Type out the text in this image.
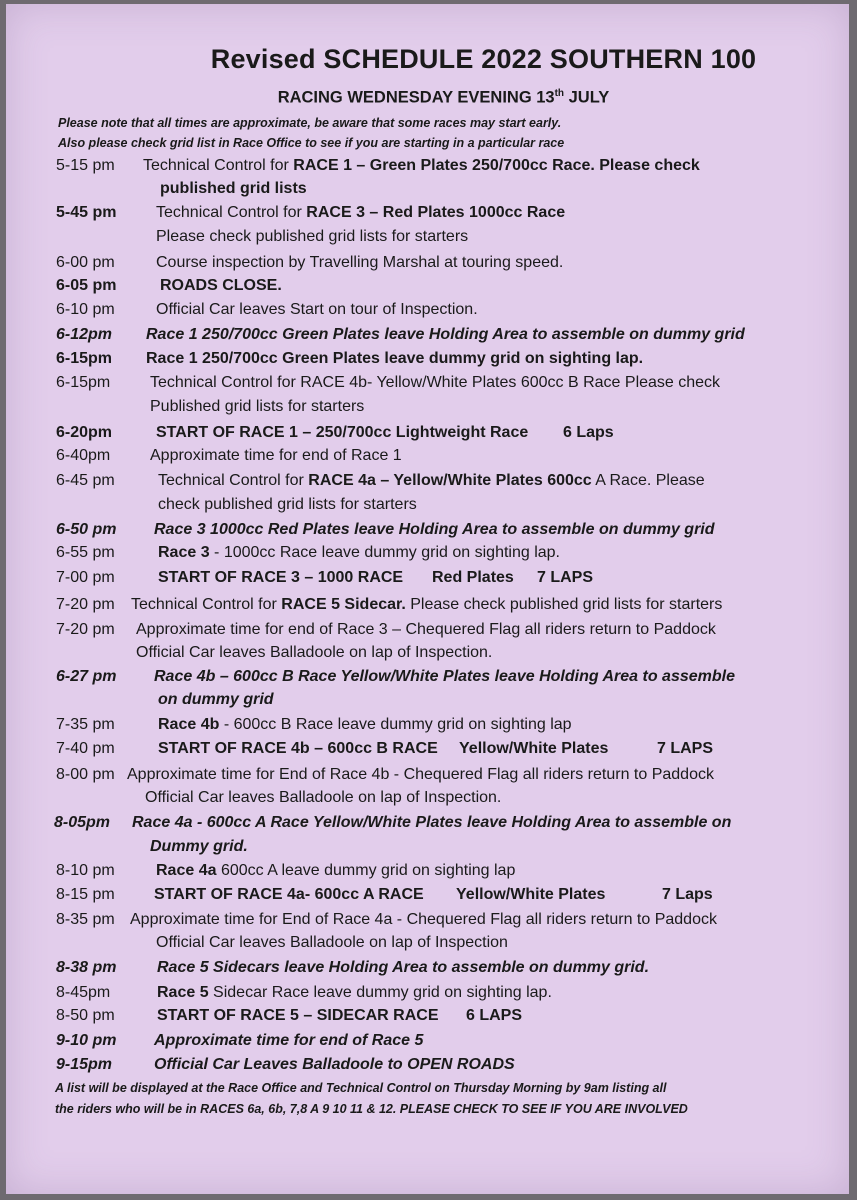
Revised SCHEDULE 2022 SOUTHERN 100
RACING WEDNESDAY EVENING 13th JULY
Please note that all times are approximate, be aware that some races may start early.
Also please check grid list in Race Office to see if you are starting in a particular race
5-15 pm Technical Control for RACE 1 – Green Plates 250/700cc Race. Please check
published grid lists
5-45 pm Technical Control for RACE 3 – Red Plates 1000cc Race
Please check published grid lists for starters
6-00 pm	Course inspection by Travelling Marshal at touring speed.
6-05 pm	ROADS CLOSE.
6-10 pm	Official Car leaves Start on tour of Inspection.
6-12pm Race 1 250/700cc Green Plates leave Holding Area to assemble on dummy grid
6-15pm Race 1 250/700cc Green Plates leave dummy grid on sighting lap.
6-15pm Technical Control for RACE 4b- Yellow/White Plates 600cc B Race Please check
Published grid lists for starters
6-20pm	START OF RACE 1 – 250/700cc Lightweight Race 6 Laps
6-40pm Approximate time for end of Race 1
6-45 pm	Technical Control for RACE 4a – Yellow/White Plates 600cc A Race. Please
check published grid lists for starters
6-50 pm Race 3 1000cc Red Plates leave Holding Area to assemble on dummy grid
6-55 pm	Race 3 - 1000cc Race leave dummy grid on sighting lap.
7-00 pm	START OF RACE 3 – 1000 RACE Red Plates 7 LAPS
7-20 pm Technical Control for RACE 5 Sidecar. Please check published grid lists for starters
7-20 pm Approximate time for end of Race 3 – Chequered Flag all riders return to Paddock
Official Car leaves Balladoole on lap of Inspection.
6-27 pm Race 4b – 600cc B Race Yellow/White Plates leave Holding Area to assemble
on dummy grid
7-35 pm	Race 4b - 600cc B Race leave dummy grid on sighting lap
7-40 pm	START OF RACE 4b – 600cc B RACE Yellow/White Plates	7 LAPS
8-00 pm Approximate time for End of Race 4b - Chequered Flag all riders return to Paddock
Official Car leaves Balladoole on lap of Inspection.
8-05pm Race 4a - 600cc A Race Yellow/White Plates leave Holding Area to assemble on
Dummy grid.
8-10 pm	Race 4a 600cc A leave dummy grid on sighting lap
8-15 pm START OF RACE 4a- 600cc A RACE Yellow/White Plates	7 Laps
8-35 pm Approximate time for End of Race 4a - Chequered Flag all riders return to Paddock
Official Car leaves Balladoole on lap of Inspection
8-38 pm	Race 5 Sidecars leave Holding Area to assemble on dummy grid.
8-45pm	Race 5 Sidecar Race leave dummy grid on sighting lap.
8-50 pm	START OF RACE 5 – SIDECAR RACE 6 LAPS
9-10 pm Approximate time for end of Race 5
9-15pm	Official Car Leaves Balladoole to OPEN ROADS
A list will be displayed at the Race Office and Technical Control on Thursday Morning by 9am listing all
the riders who will be in RACES 6a, 6b, 7,8 A 9 10 11 & 12. PLEASE CHECK TO SEE IF YOU ARE INVOLVED
